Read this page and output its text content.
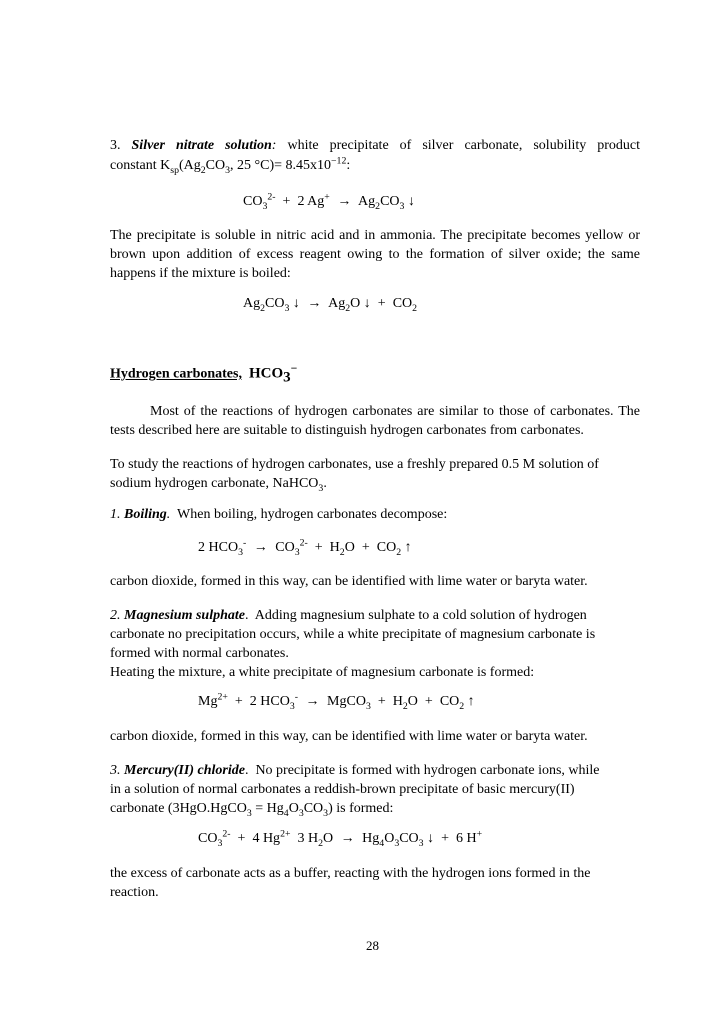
3. Silver nitrate solution: white precipitate of silver carbonate, solubility product
constant $K_{sp}(Ag_2CO_3$, 25 $^\circ C)= 8.45x10^{-12}$:
$CO_3^{2-} + 2$ $Ag^+ \to Ag_2CO_3$ ↓
The precipitate is soluble in nitric acid and in ammonia. The precipitate becomes yellow or brown upon addition of excess reagent owing to the formation of silver oxide; the same happens if the mixture is boiled:
$Ag_2CO_3$ ↓ → $Ag_2O$ ↓ + $CO_2$
Hydrogen carbonates, $HCO_3^-$
Most of the reactions of hydrogen carbonates are similar to those of carbonates. The tests described here are suitable to distinguish hydrogen carbonates from carbonates.
To study the reactions of hydrogen carbonates, use a freshly prepared 0.5 M solution of
sodium hydrogen carbonate, NaHCO$_3$.
1. Boiling. When boiling, hydrogen carbonates decompose:
2 $HCO_3^- \to CO_3^{2-} + H_2O + CO_2$ ↑
carbon dioxide, formed in this way, can be identified with lime water or baryta water.
2. Magnesium sulphate. Adding magnesium sulphate to a cold solution of hydrogen
carbonate no precipitation occurs, while a white precipitate of magnesium carbonate is
formed with normal carbonates.
Heating the mixture, a white precipitate of magnesium carbonate is formed:
$Mg^{2+} + 2$ $HCO_3^-$ → MgCO$_3$ + $H_2O + CO_2$ ↑
carbon dioxide, formed in this way, can be identified with lime water or baryta water.
3. Mercury(II) chloride. No precipitate is formed with hydrogen carbonate ions, while
in a solution of normal carbonates a reddish-brown precipitate of basic mercury(II)
carbonate (3HgO.HgCO$_3$ = $Hg_4O_3CO_3$) is formed:
$CO_3^{2-} + 4$ $Hg^{2+}$ 3 $H_2O \to Hg_4O_3CO_3$ ↓ + 6 H+
the excess of carbonate acts as a buffer, reacting with the hydrogen ions formed in the
reaction.
28
